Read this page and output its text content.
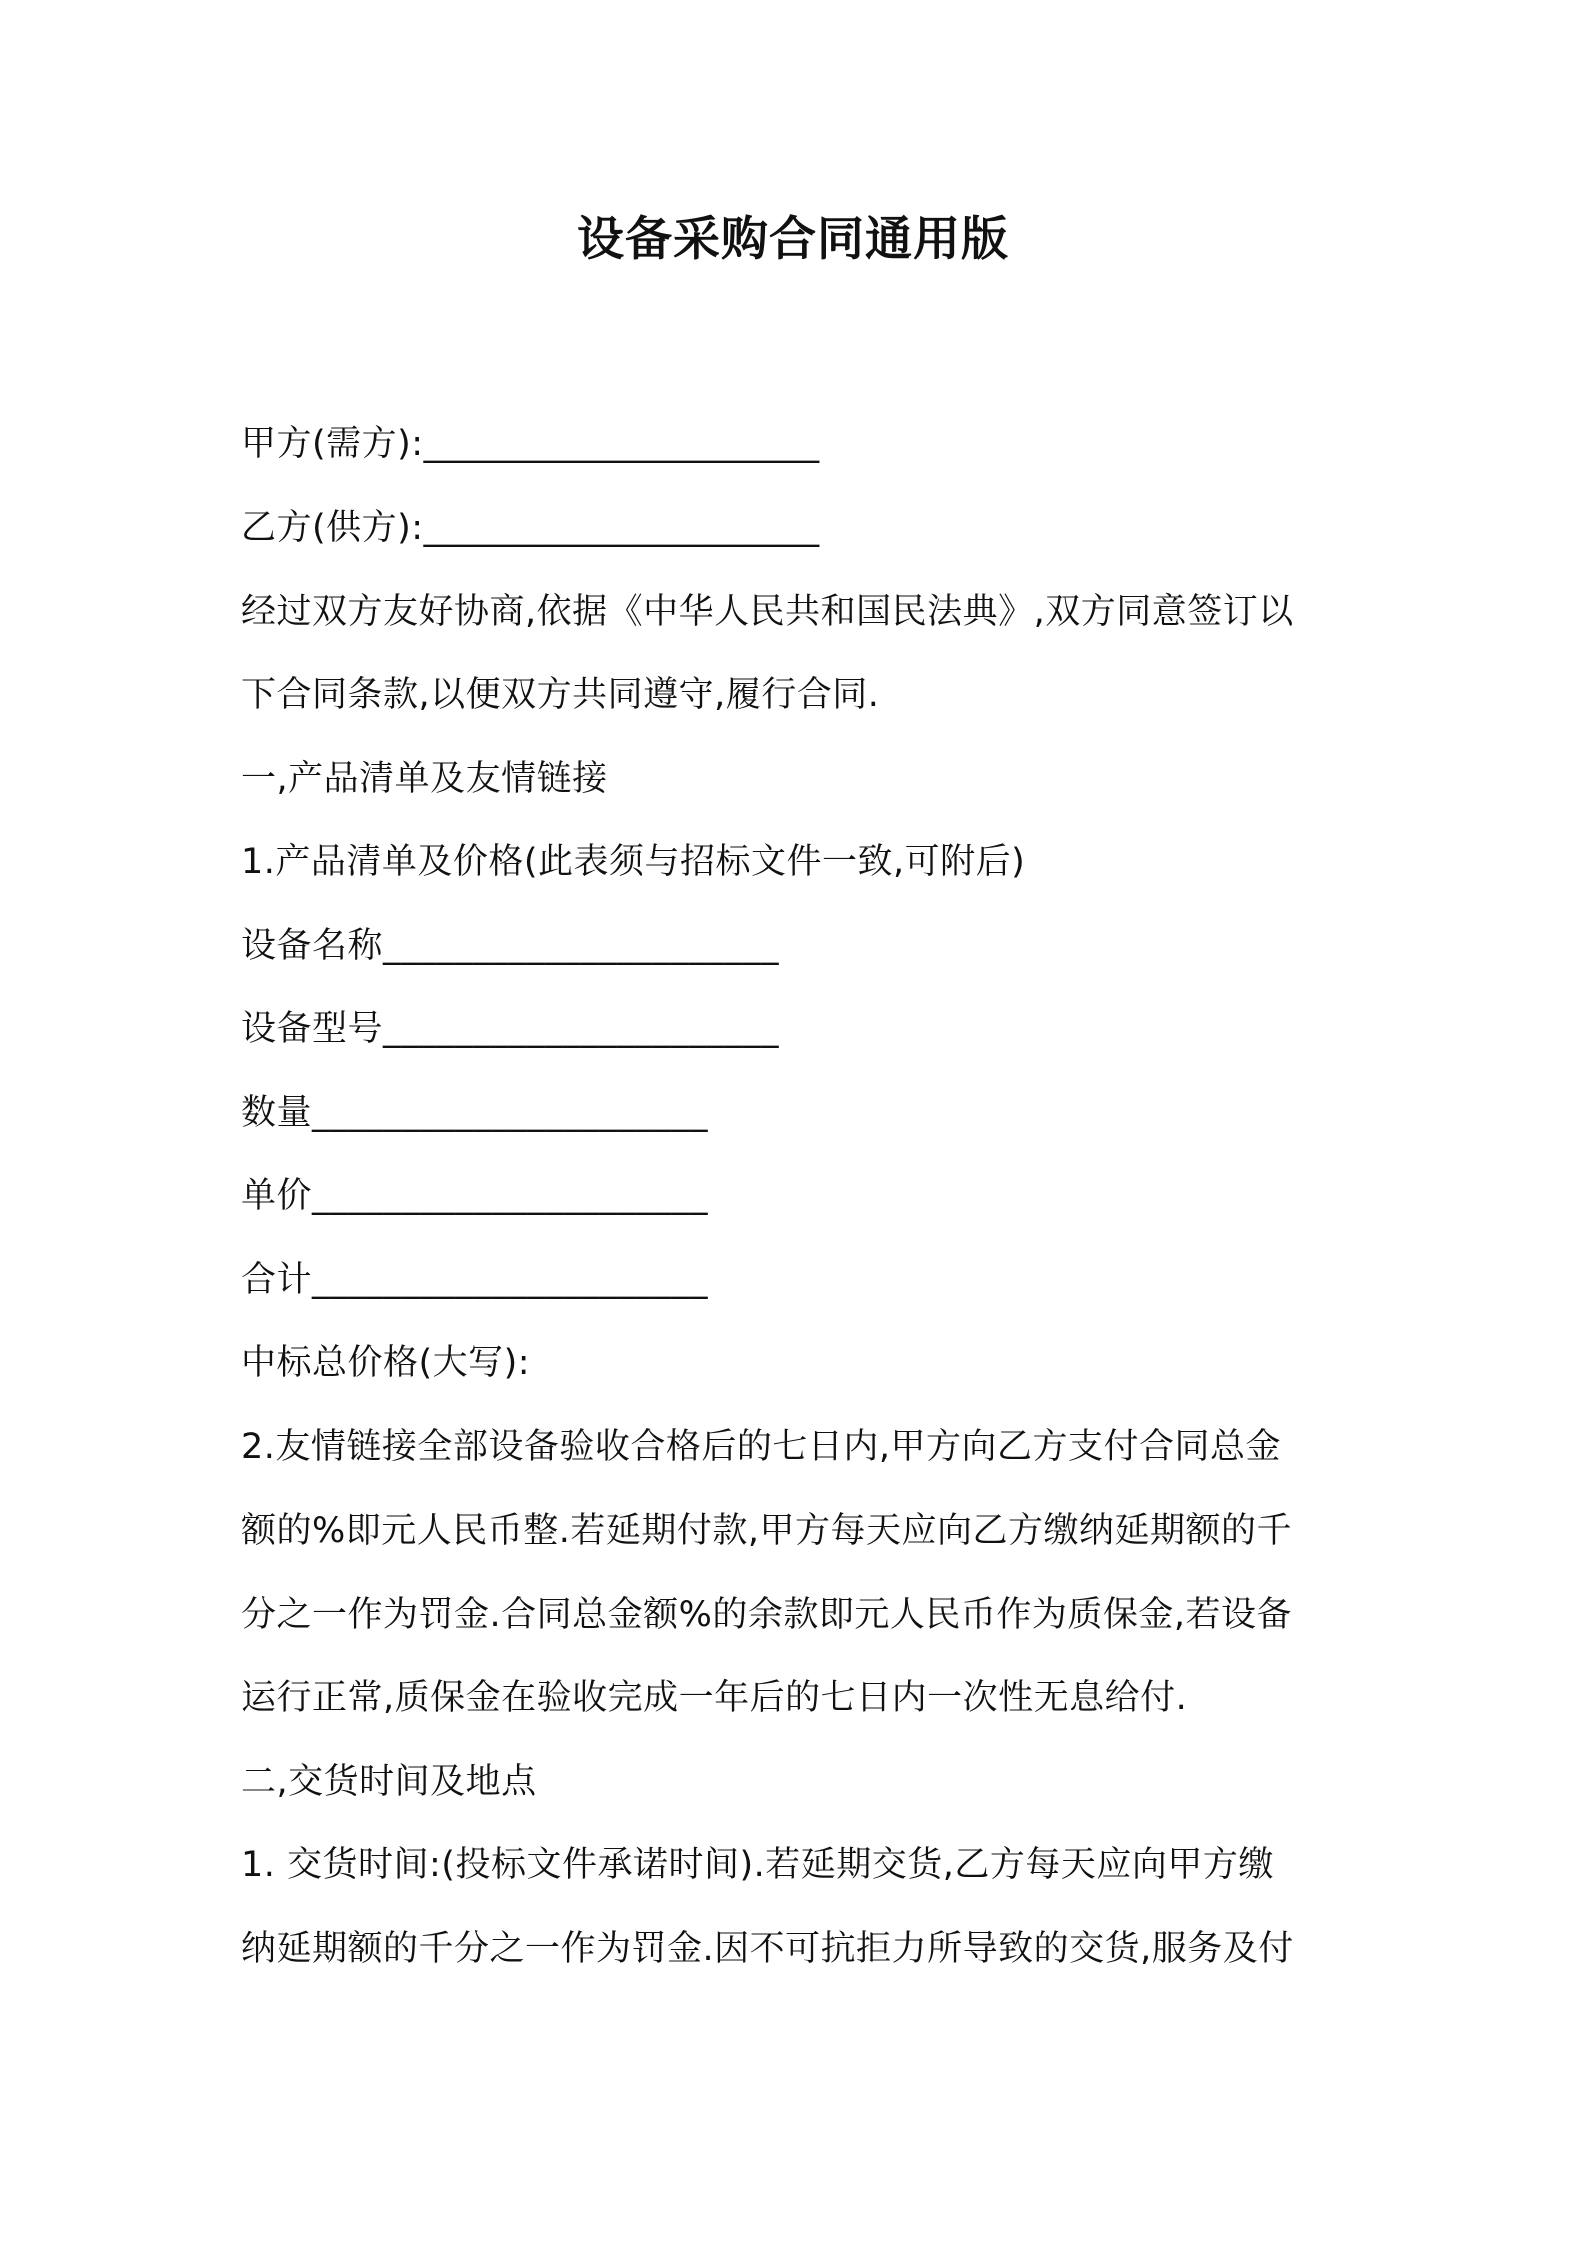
设备采购合同通用版
甲方(需方):______________________
乙方(供方):______________________
经过双方友好协商,依据《中华人民共和国民法典》,双方同意签订以
下合同条款,以便双方共同遵守,履行合同.
一,产品清单及友情链接
1.产品清单及价格(此表须与招标文件一致,可附后)
设备名称______________________
设备型号______________________
数量______________________
单价______________________
合计______________________
中标总价格(大写):
2.友情链接全部设备验收合格后的七日内,甲方向乙方支付合同总金
额的%即元人民币整.若延期付款,甲方每天应向乙方缴纳延期额的千
分之一作为罚金.合同总金额%的余款即元人民币作为质保金,若设备
运行正常,质保金在验收完成一年后的七日内一次性无息给付.
二,交货时间及地点
1. 交货时间:(投标文件承诺时间).若延期交货,乙方每天应向甲方缴
纳延期额的千分之一作为罚金.因不可抗拒力所导致的交货,服务及付
